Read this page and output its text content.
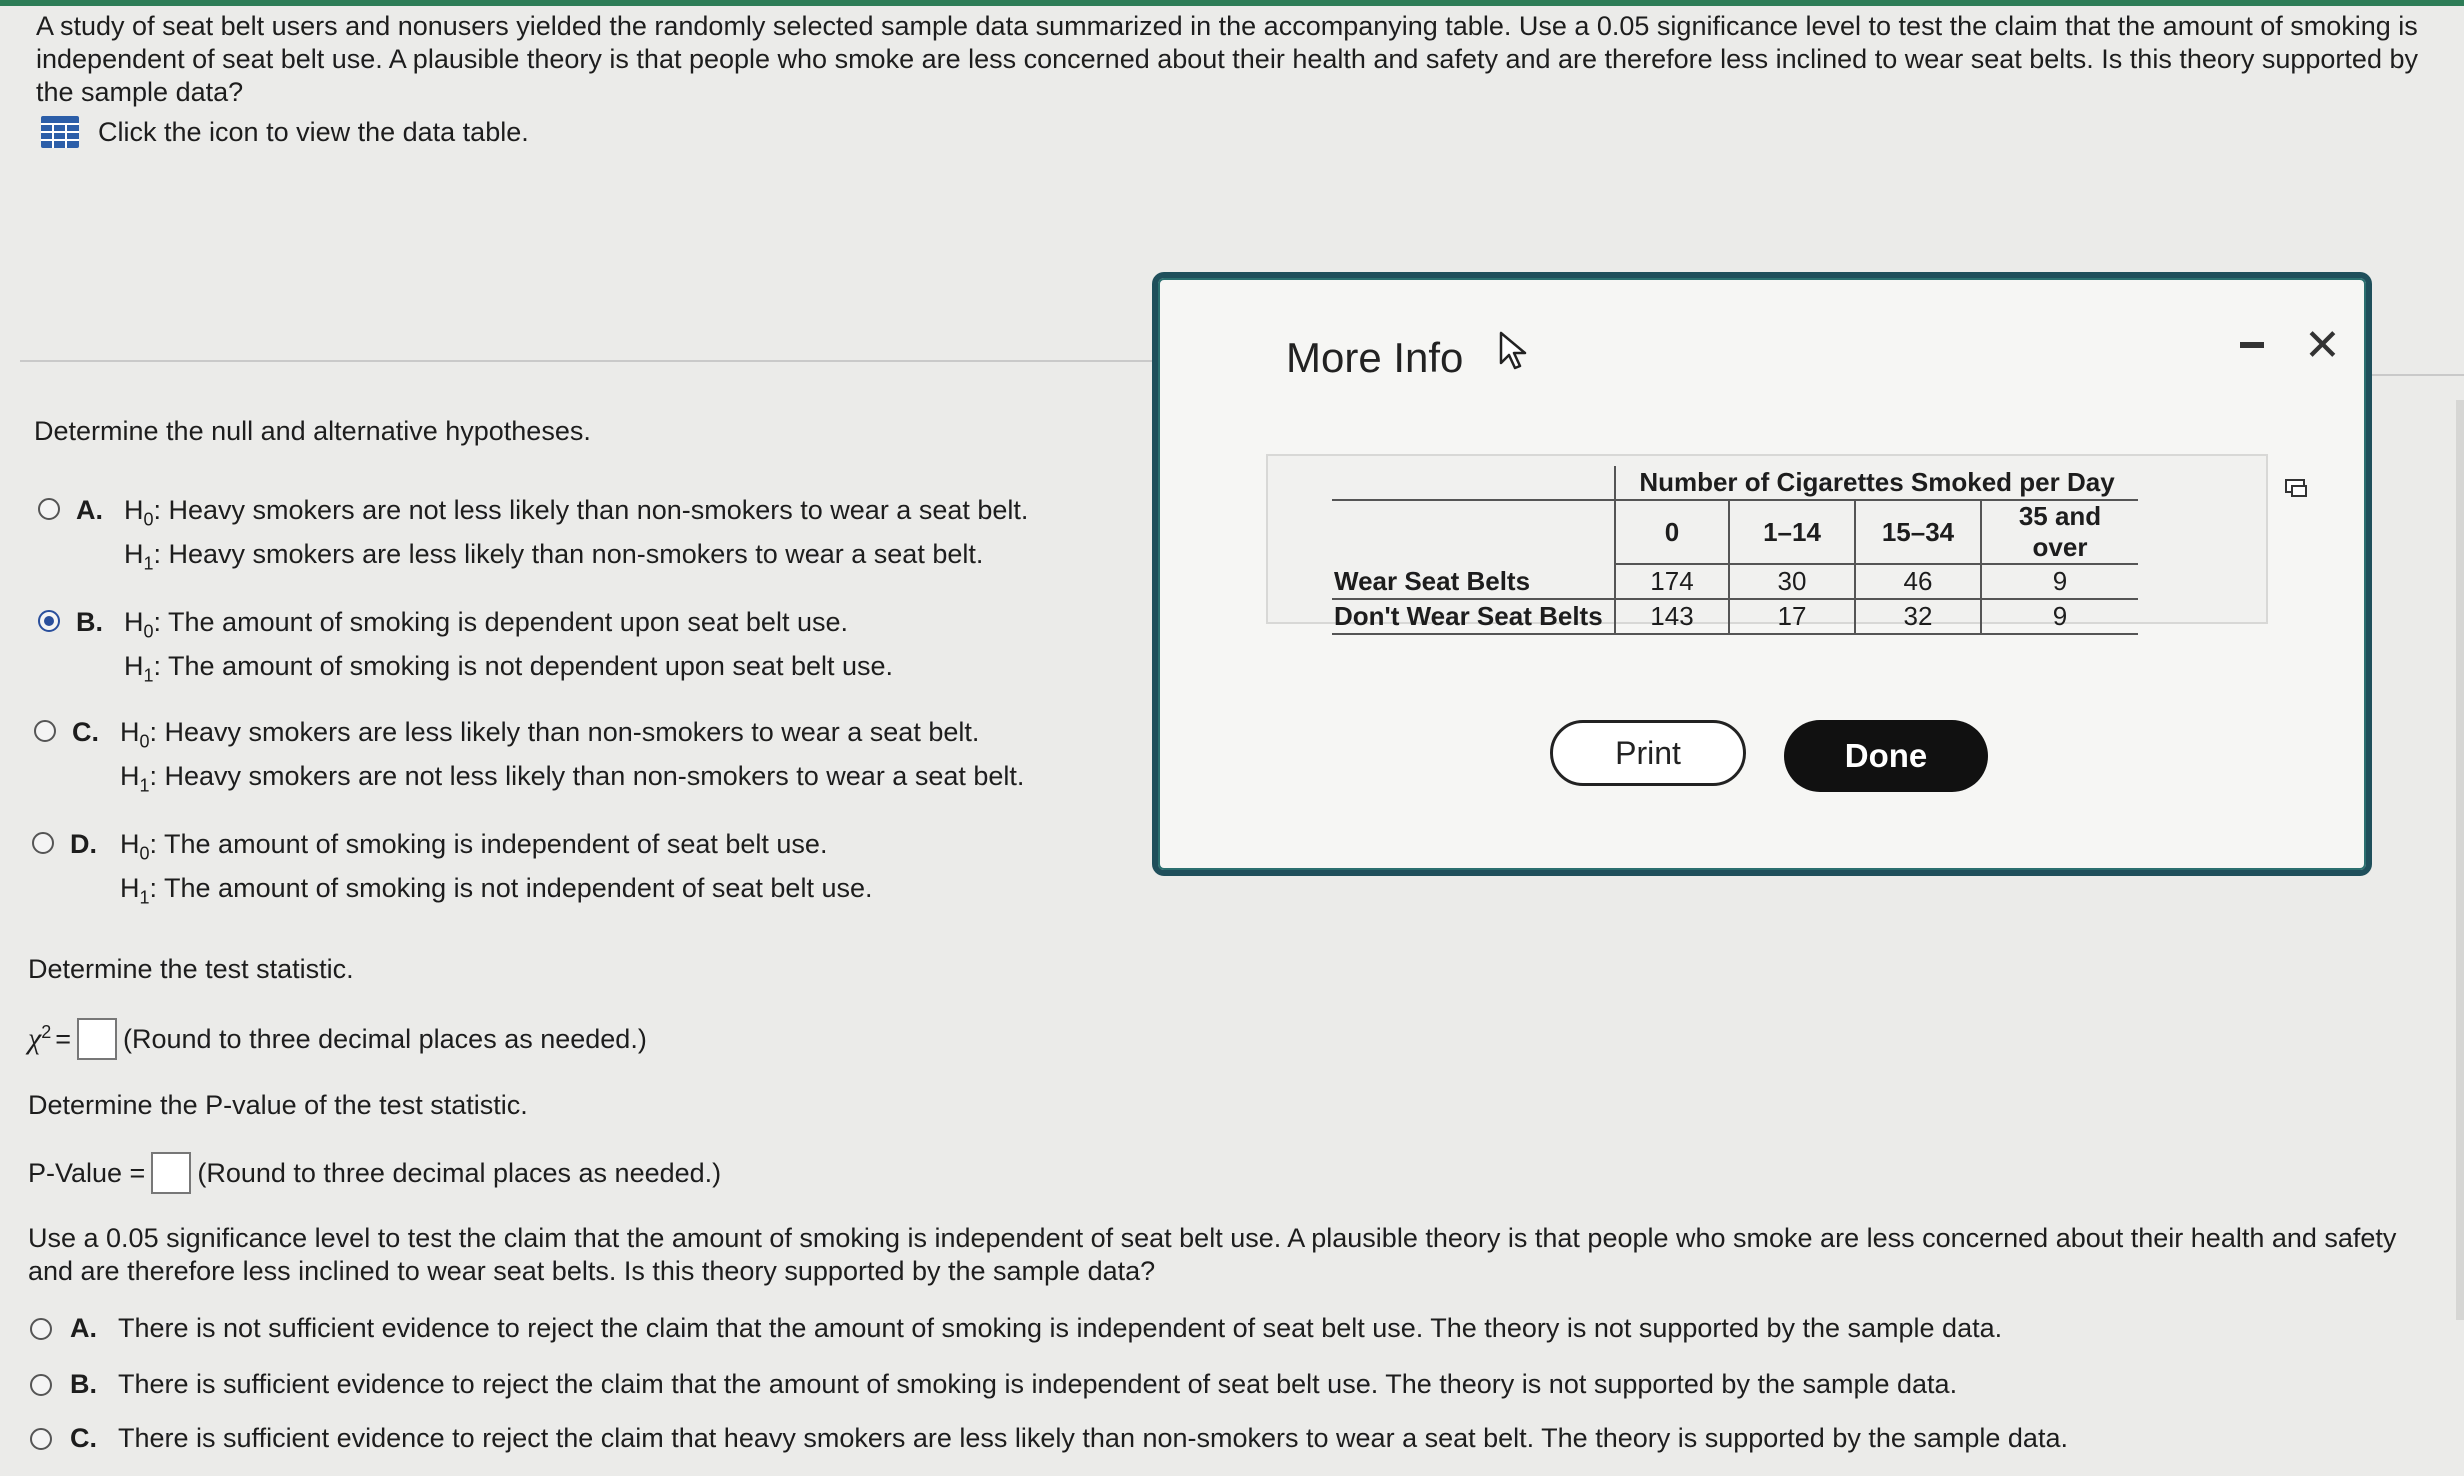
A study of seat belt users and nonusers yielded the randomly selected sample data summarized in the accompanying table. Use a 0.05 significance level to test the claim that the amount of smoking is independent of seat belt use. A plausible theory is that people who smoke are less concerned about their health and safety and are therefore less inclined to wear seat belts. Is this theory supported by the sample data?
Click the icon to view the data table.
Determine the null and alternative hypotheses.
A. $H_0$: Heavy smokers are not less likely than non-smokers to wear a seat belt.
$H_1$: Heavy smokers are less likely than non-smokers to wear a seat belt.
B. $H_0$: The amount of smoking is dependent upon seat belt use.
$H_1$: The amount of smoking is not dependent upon seat belt use.
C. $H_0$: Heavy smokers are less likely than non-smokers to wear a seat belt.
$H_1$: Heavy smokers are not less likely than non-smokers to wear a seat belt.
D. $H_0$: The amount of smoking is independent of seat belt use.
$H_1$: The amount of smoking is not independent of seat belt use.
Determine the test statistic.
$\chi^2$ = (Round to three decimal places as needed.)
Determine the P-value of the test statistic.
P-Value = (Round to three decimal places as needed.)
Use a 0.05 significance level to test the claim that the amount of smoking is independent of seat belt use. A plausible theory is that people who smoke are less concerned about their health and safety and are therefore less inclined to wear seat belts. Is this theory supported by the sample data?
A. There is not sufficient evidence to reject the claim that the amount of smoking is independent of seat belt use. The theory is not supported by the sample data.
B. There is sufficient evidence to reject the claim that the amount of smoking is independent of seat belt use. The theory is not supported by the sample data.
C. There is sufficient evidence to reject the claim that heavy smokers are less likely than non-smokers to wear a seat belt. The theory is supported by the sample data.
More Info	✕
	Number of Cigarettes Smoked per Day			
	0	1–14	15–34	35 and over
Wear Seat Belts	174	30	46	9
Don't Wear Seat Belts	143	17	32	9
Print	Done
